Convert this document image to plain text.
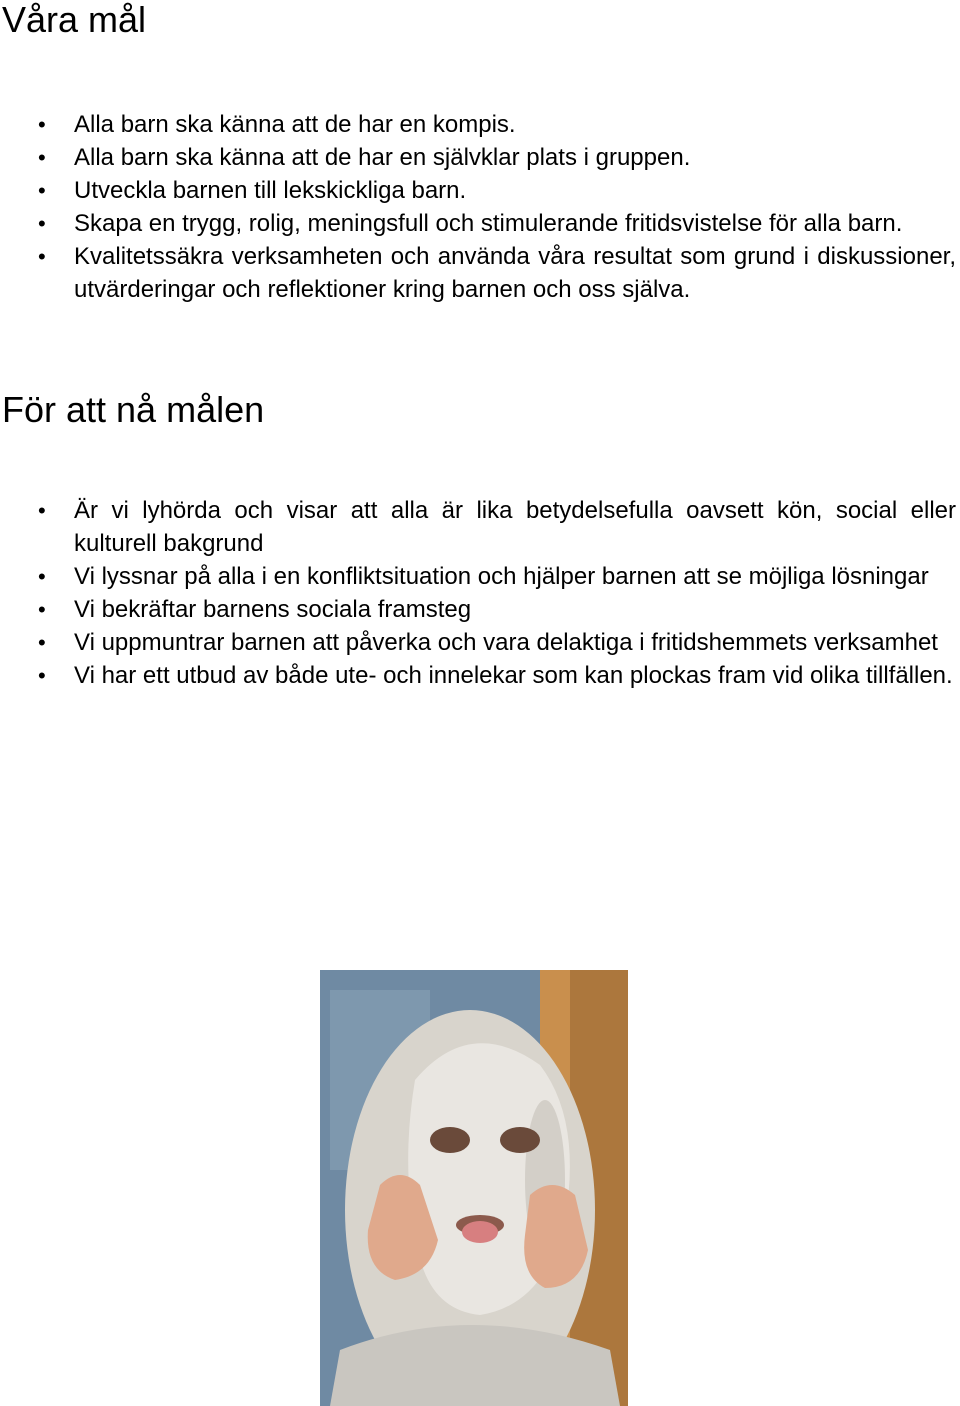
Våra mål
• Alla barn ska känna att de har en kompis.
• Alla barn ska känna att de har en självklar plats i gruppen.
• Utveckla barnen till lekskickliga barn.
• Skapa en trygg, rolig, meningsfull och stimulerande fritidsvistelse för alla barn.
• Kvalitetssäkra verksamheten och använda våra resultat som grund i diskussioner, utvärderingar och reflektioner kring barnen och oss själva.
För att nå målen
• Är vi lyhörda och visar att alla är lika betydelsefulla oavsett kön, social eller kulturell bakgrund
• Vi lyssnar på alla i en konfliktsituation och hjälper barnen att se möjliga lösningar
• Vi bekräftar barnens sociala framsteg
• Vi uppmuntrar barnen att påverka och vara delaktiga i fritidshemmets verksamhet
• Vi har ett utbud av både ute- och innelekar som kan plockas fram vid olika tillfällen.
